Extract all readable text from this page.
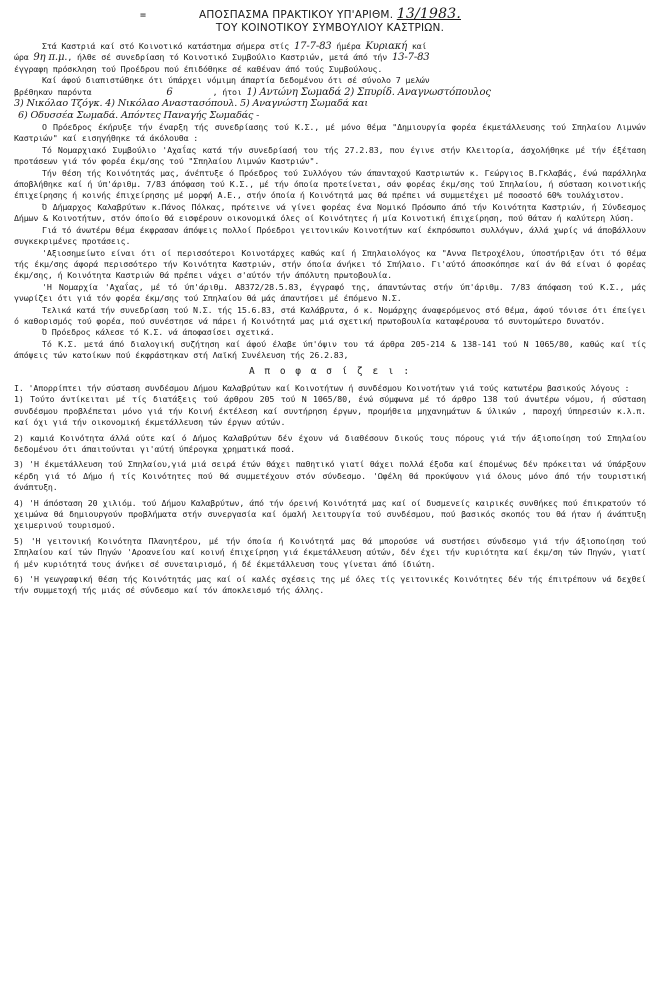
=	ΑΠΟΣΠΑΣΜΑ ΠΡΑΚΤΙΚΟΥ ΥΠ'ΑΡΙΘΜ. 13/1983.
ΤΟΥ ΚΟΙΝΟΤΙΚΟΥ ΣΥΜΒΟΥΛΙΟΥ ΚΑΣΤΡΙΩΝ.

Στά Καστριά καί στό Κοινοτικό κατάστημα σήμερα στίς 17-7-83 ήμέρα Κυριακή καί

ώρα 9η π.μ., ήλθε σέ συνεδρίαση τό Κοινοτικό Συμβούλιο Καστριών, μετά άπό τήν 13-7-83

έγγραφη πρόσκληση τού Προέδρου πού έπιδόθηκε σέ καθέναν άπό τούς Συμβούλους.

Καί άφού διαπιστώθηκε ότι ύπάρχει νόμιμη άπαρτία δεδομένου ότι σέ σύνολο 7 μελών

βρέθηκαν παρόντα	6	, ήτοι 1) Αντώνη Σωμαδά 2) Σπυρίδ. Αναγνωστόπουλος

3) Νικόλαο Τζόγκ. 4) Νικόλαο Αναστασόπουλ. 5) Αναγνώστη Σωμαδά και

6) Οδυσσέα Σωμαδά. Απόντες Παναγής Σωμαδάς -

Ο Πρόεδρος έκήρυξε τήν έναρξη τής συνεδρίασης τού Κ.Σ., μέ μόνο θέμα "Δημιουργία φορέα έκμετάλλευσης τού Σπηλαίου Λιμνών Καστριών" καί εισηγήθηκε τά άκόλουθα :

Τό Νομαρχιακό Συμβούλιο 'Αχαΐας κατά τήν συνεδρίασή του τής 27.2.83, που έγινε στήν Κλειτορία, άσχολήθηκε μέ τήν έξέταση προτάσεων γιά τόν φορέα έκμ/σης τού "Σπηλαίου Λιμνών Καστριών".

Τήν θέση τής Κοινότητάς μας, άνέπτυξε ό Πρόεδρος τού Συλλόγου τών άπανταχού Καστριωτών κ. Γεώργιος Β.Γκλαβάς, ένώ παράλληλα άποβλήθηκε καί ή ύπ'άριθμ. 7/83 άπόφαση τού Κ.Σ., μέ τήν όποία προτείνεται, σάν φορέας έκμ/σης τού Σπηλαίου, ή σύσταση κοινοτικής έπιχείρησης ή κοινής έπιχείρησης μέ μορφή Α.Ε., στήν όποία ή Κοινότητά μας θά πρέπει νά συμμετέχει μέ ποσοστό 60% τουλάχιστον.

Ό Δήμαρχος Καλαβρύτων κ.Πάνος Πόλκας, πρότεινε νά γίνει φορέας ένα Νομικό Πρόσωπο άπό τήν Κοινότητα Καστριών, ή Σύνδεσμος Δήμων & Κοινοτήτων, στόν όποίο θά εισφέρουν οικονομικά όλες οί Κοινότητες ή μία Κοινοτική έπιχείρηση, πού θάταν ή καλύτερη λύση.

Γιά τό άνωτέρω θέμα έκφρασαν άπόψεις πολλοί Πρόεδροι γειτονικών Κοινοτήτων καί έκπρόσωποι συλλόγων, άλλά χωρίς νά άποβάλλουν συγκεκριμένες προτάσεις.

'Αξιοσημείωτο είναι ότι οί περισσότεροι Κοινοτάρχες καθώς καί ή Σπηλαιολόγος κα "Αννα Πετροχέλου, ύποστήριξαν ότι τό θέμα τής έκμ/σης άφορά περισσότερο τήν Κοινότητα Καστριών, στήν όποία άνήκει τό Σπήλαιο. Γι'αύτό άποσκόπησε καί άν θά είναι ό φορέας έκμ/σης, ή Κοινότητα Καστριών θά πρέπει νάχει σ'αύτόν τήν άπόλυτη πρωτοβουλία.

'Η Νομαρχία 'Αχαΐας, μέ τό ύπ'άριθμ. Α8372/28.5.83, έγγραφό της, άπαντώντας στήν ύπ'άριθμ. 7/83 άπόφαση τού Κ.Σ., μάς γνωρίζει ότι γιά τόν φορέα έκμ/σης τού Σπηλαίου θά μάς άπαντήσει μέ έπόμενο Ν.Σ.

Τελικά κατά τήν συνεδρίαση τού Ν.Σ. τής 15.6.83, στά Καλάβρυτα, ό κ. Νομάρχης άναφερόμενος στό θέμα, άφού τόνισε ότι έπείγει ό καθορισμός τού φορέα, πού συνέστησε νά πάρει ή Κοινότητά μας μιά σχετική πρωτοβουλία καταφέρουσα τό συντομώτερο δυνατόν.

Ό Πρόεδρος κάλεσε τό Κ.Σ. νά άποφασίσει σχετικά.

Τό Κ.Σ. μετά άπό διαλογική συζήτηση καί άφού έλαβε ύπ'όψιν του τά άρθρα 205-214 & 138-141 τού Ν 1065/80, καθώς καί τίς άπόψεις τών κατοίκων πού έκφράστηκαν στή Λαϊκή Συνέλευση τής 26.2.83,

Α π ο φ α σ ί ζ ε ι :

I. 'Απορρίπτει τήν σύσταση συνδέσμου Δήμου Καλαβρύτων καί Κοινοτήτων ή συνδέσμου Κοινοτήτων γιά τούς κατωτέρω βασικούς λόγους :

1) Τούτο άντίκειται μέ τίς διατάξεις τού άρθρου 205 τού Ν 1065/80, ένώ σύμφωνα μέ τό άρθρο 138 τού άνωτέρω νόμου, ή σύσταση συνδέσμου προβλέπεται μόνο γιά τήν Κοινή έκτέλεση καί συντήρηση έργων, προμήθεια μηχανημάτων & ύλικών , παροχή ύπηρεσιών κ.λ.π. καί όχι γιά τήν οικονομική έκμετάλλευση τών έργων αύτών.

2) καμιά Κοινότητα άλλά ούτε καί ό Δήμος Καλαβρύτων δέν έχουν νά διαθέσουν δικούς τους πόρους γιά τήν άξιοποίηση τού Σπηλαίου δεδομένου ότι άπαιτούνται γι'αύτή ύπέρογκα χρηματικά ποσά.

3) 'Η έκμετάλλευση τού Σπηλαίου,γιά μιά σειρά έτών θάχει παθητικό γιατί θάχει πολλά έξοδα καί έπομένως δέν πρόκειται νά ύπάρξουν κέρδη γιά τό Δήμο ή τίς Κοινότητες πού θά συμμετέχουν στόν σύνδεσμο. 'Ωφέλη θά προκύψουν γιά όλους μόνο άπό τήν τουριστική άνάπτυξη.

4) 'Η άπόσταση 20 χιλιόμ. τού Δήμου Καλαβρύτων, άπό τήν όρεινή Κοινότητά μας καί οί δυσμενείς καιρικές συνθήκες πού έπικρατούν τό χειμώνα θά δημιουργούν προβλήματα στήν συνεργασία καί όμαλή λειτουργία τού συνδέσμου, πού βασικός σκοπός του θά ήταν ή άνάπτυξη χειμερινού τουρισμού.

5) 'Η γειτονική Κοινότητα Πλανητέρου, μέ τήν όποία ή Κοινότητά μας θά μπορούσε νά συστήσει σύνδεσμο γιά τήν άξιοποίηση τού Σπηλαίου καί τών Πηγών 'Αροανείου καί κοινή έπιχείρηση γιά έκμετάλλευση αύτών, δέν έχει τήν κυριότητα καί έκμ/ση τών Πηγών, γιατί ή μέν κυριότητά τους άνήκει σέ συνεταιρισμό, ή δέ έκμετάλλευση τους γίνεται άπό ίδιώτη.

6) 'Η γεωγραφική θέση τής Κοινότητάς μας καί οί καλές σχέσεις της μέ όλες τίς γειτονικές Κοινότητες δέν τής έπιτρέπουν νά δεχθεί τήν συμμετοχή τής μιάς σέ σύνδεσμο καί τόν άποκλεισμό τής άλλης.
